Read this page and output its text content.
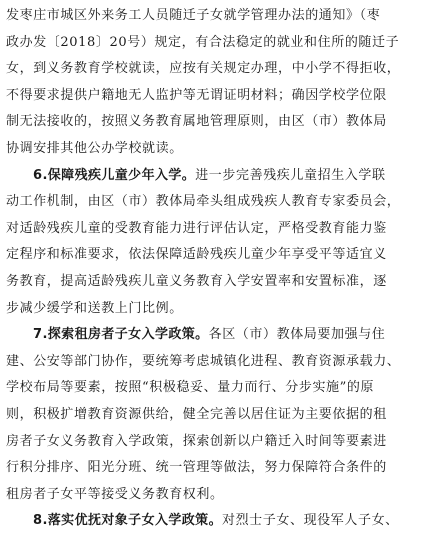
发枣庄市城区外来务工人员随迁子女就学管理办法的通知》（枣
政办发〔2018〕20号）规定，有合法稳定的就业和住所的随迁子
女，到义务教育学校就读，应按有关规定办理，中小学不得拒收，
不得要求提供户籍地无人监护等无谓证明材料；确因学校学位限
制无法接收的，按照义务教育属地管理原则，由区（市）教体局
协调安排其他公办学校就读。
6.保障残疾儿童少年入学。进一步完善残疾儿童招生入学联
动工作机制，由区（市）教体局牵头组成残疾人教育专家委员会，
对适龄残疾儿童的受教育能力进行评估认定，严格受教育能力鉴
定程序和标准要求，依法保障适龄残疾儿童少年享受平等适宜义
务教育，提高适龄残疾儿童义务教育入学安置率和安置标准，逐
步减少缓学和送教上门比例。
7.探索租房者子女入学政策。各区（市）教体局要加强与住
建、公安等部门协作，要统筹考虑城镇化进程、教育资源承载力、
学校布局等要素，按照“积极稳妥、量力而行、分步实施”的原
则，积极扩增教育资源供给，健全完善以居住证为主要依据的租
房者子女义务教育入学政策，探索创新以户籍迁入时间等要素进
行积分排序、阳光分班、统一管理等做法，努力保障符合条件的
租房者子女平等接受义务教育权利。
8.落实优抚对象子女入学政策。对烈士子女、现役军人子女、
